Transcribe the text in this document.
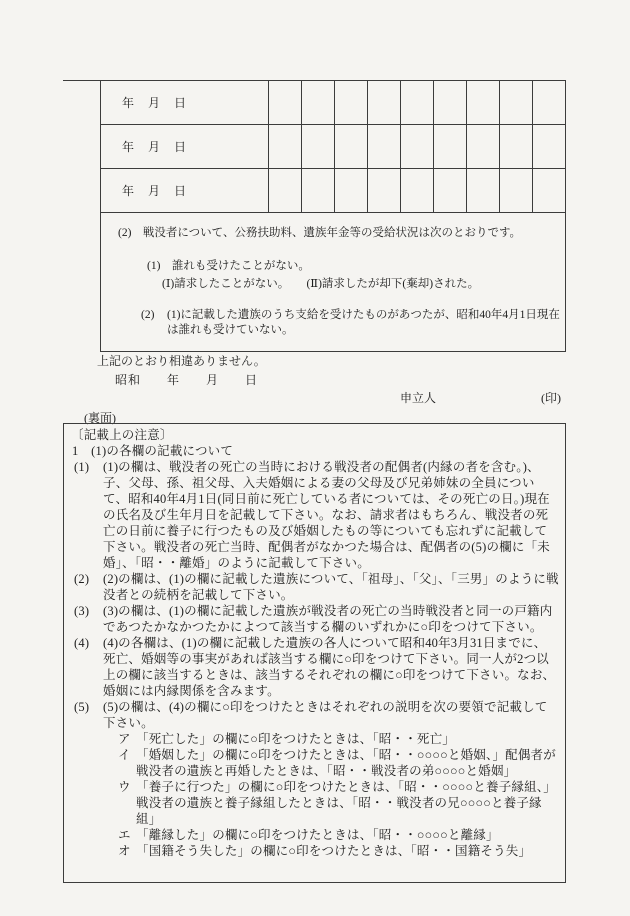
年　月　日									
年　月　日									
年　月　日									
(2)　戦没者について、公務扶助料、遺族年金等の受給状況は次のとおりです。
(1)　誰れも受けたことがない。
(Ⅰ)請求したことがない。　　(Ⅱ)請求したが却下(棄却)された。
(2)	(1)に記載した遺族のうち支給を受けたものがあつたが、昭和40年4月1日現在は誰れも受けていない。
上記のとおり相違ありません。
昭和　　年　　月　　日
申立人	(印)
(裏面)
〔記載上の注意〕
1　(1)の各欄の記載について
(1)	(1)の欄は、戦没者の死亡の当時における戦没者の配偶者(内縁の者を含む。)、子、父母、孫、祖父母、入夫婚姻による妻の父母及び兄弟姉妹の全員について、昭和40年4月1日(同日前に死亡している者については、その死亡の日。)現在の氏名及び生年月日を記載して下さい。なお、請求者はもちろん、戦没者の死亡の日前に養子に行つたもの及び婚姻したもの等についても忘れずに記載して下さい。戦没者の死亡当時、配偶者がなかつた場合は、配偶者の(5)の欄に「未婚」、「昭・・離婚」のように記載して下さい。
(2)	(2)の欄は、(1)の欄に記載した遺族について、「祖母」、「父」、「三男」のように戦没者との続柄を記載して下さい。
(3)	(3)の欄は、(1)の欄に記載した遺族が戦没者の死亡の当時戦没者と同一の戸籍内であつたかなかつたかによつて該当する欄のいずれかに○印をつけて下さい。
(4)	(4)の各欄は、(1)の欄に記載した遺族の各人について昭和40年3月31日までに、死亡、婚姻等の事実があれば該当する欄に○印をつけて下さい。同一人が2つ以上の欄に該当するときは、該当するそれぞれの欄に○印をつけて下さい。なお、婚姻には内縁関係を含みます。
(5)	(5)の欄は、(4)の欄に○印をつけたときはそれぞれの説明を次の要領で記載して下さい。
ア 「死亡した」の欄に○印をつけたときは、「昭・・死亡」
イ 「婚姻した」の欄に○印をつけたときは、「昭・・○○○○と婚姻、」配偶者が戦没者の遺族と再婚したときは、「昭・・戦没者の弟○○○○と婚姻」
ウ 「養子に行つた」の欄に○印をつけたときは、「昭・・○○○○と養子縁組、」戦没者の遺族と養子縁組したときは、「昭・・戦没者の兄○○○○と養子縁組」
エ 「離縁した」の欄に○印をつけたときは、「昭・・○○○○と離縁」
オ 「国籍そう失した」の欄に○印をつけたときは、「昭・・国籍そう失」
